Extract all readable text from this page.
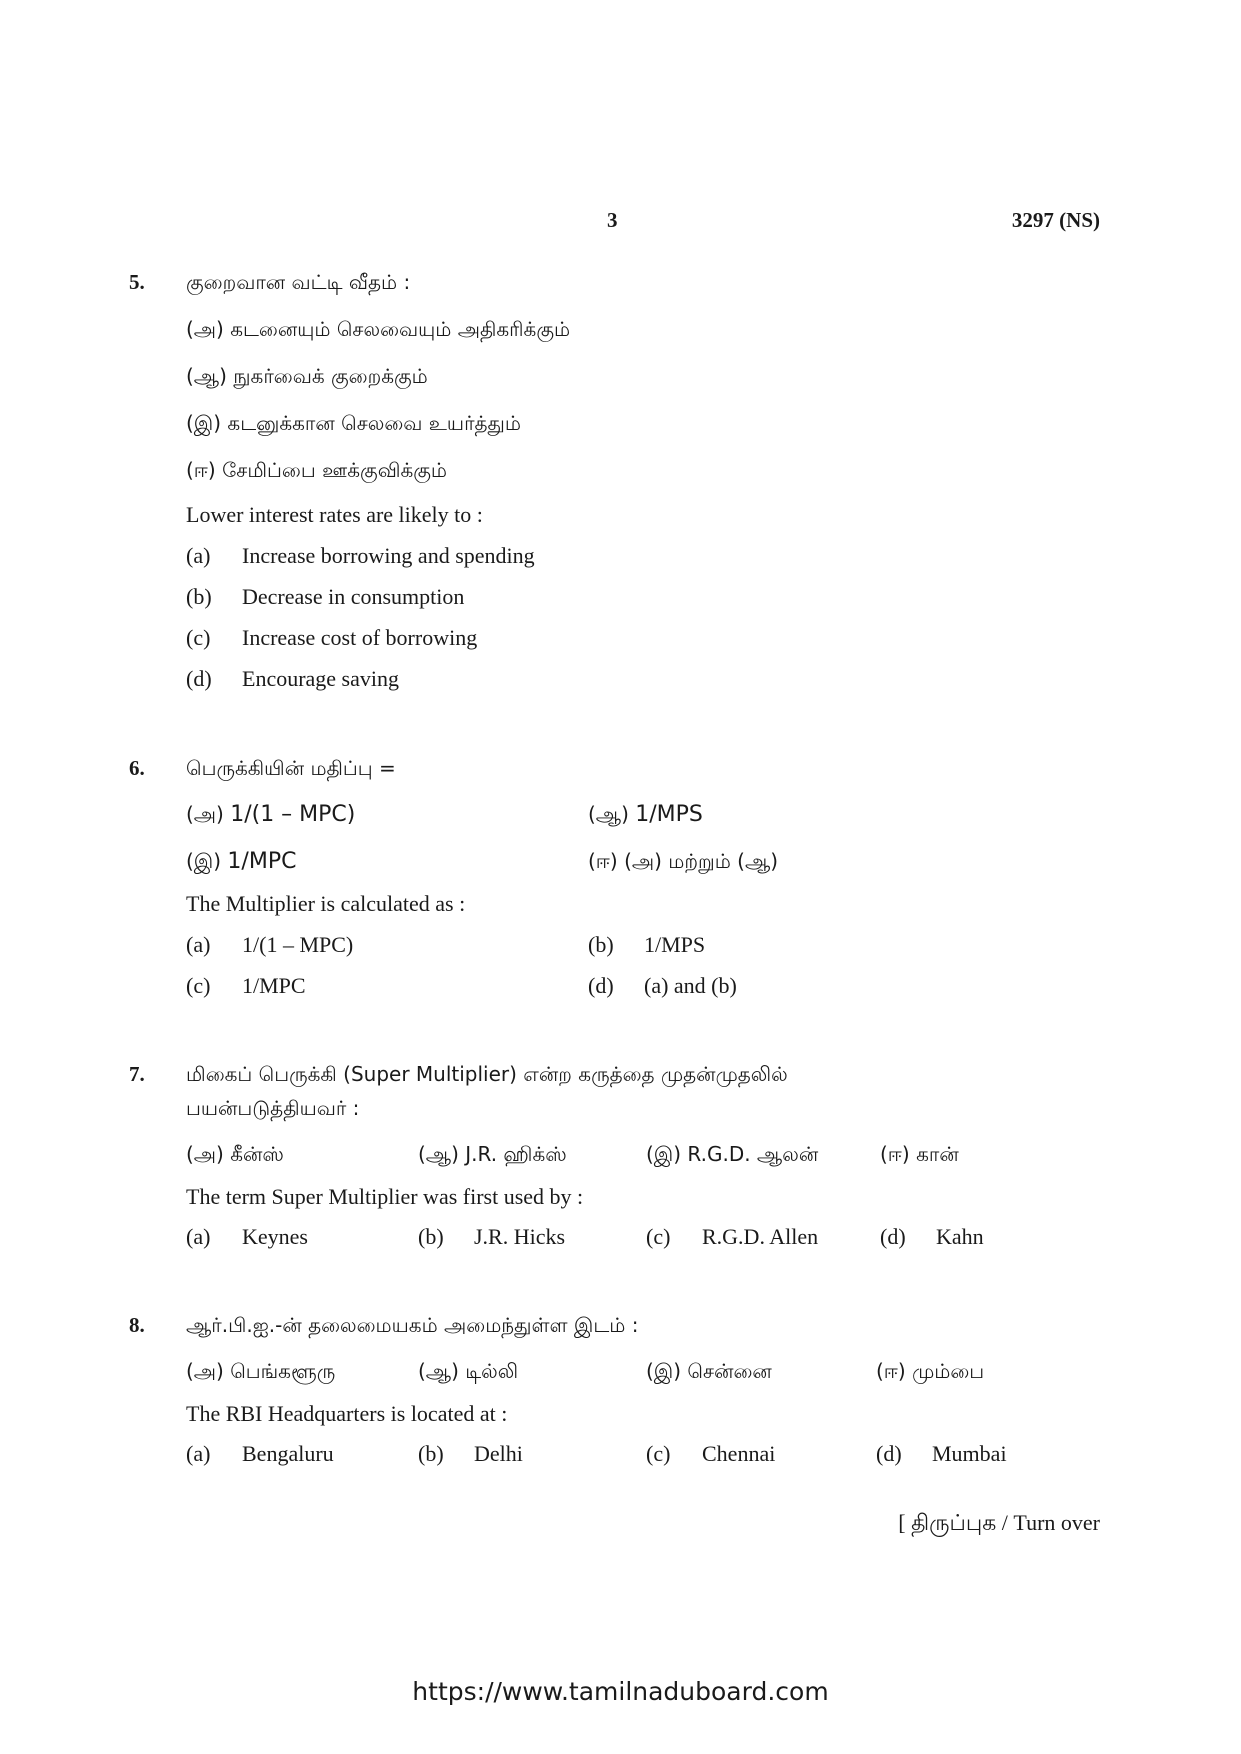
3	3297 (NS)
5. குறைவான வட்டி வீதம் :
(அ) கடனையும் செலவையும் அதிகரிக்கும்
(ஆ) நுகர்வைக் குறைக்கும்
(இ) கடனுக்கான செலவை உயர்த்தும்
(ஈ) சேமிப்பை ஊக்குவிக்கும்
Lower interest rates are likely to :
(a) Increase borrowing and spending
(b) Decrease in consumption
(c) Increase cost of borrowing
(d) Encourage saving
6. பெருக்கியின் மதிப்பு =
(அ) 1/(1 – MPC)	(ஆ) 1/MPS
(இ) 1/MPC	(ஈ) (அ) மற்றும் (ஆ)
The Multiplier is calculated as :
(a) 1/(1 – MPC)	(b) 1/MPS
(c) 1/MPC	(d) (a) and (b)
7. மிகைப் பெருக்கி (Super Multiplier) என்ற கருத்தை முதன்முதலில்
பயன்படுத்தியவர் :
(அ) கீன்ஸ்	(ஆ) J.R. ஹிக்ஸ்	(இ) R.G.D. ஆலன்	(ஈ) கான்
The term Super Multiplier was first used by :
(a) Keynes	(b) J.R. Hicks	(c) R.G.D. Allen	(d) Kahn
8. ஆர்.பி.ஐ.-ன் தலைமையகம் அமைந்துள்ள இடம் :
(அ) பெங்களூரு	(ஆ) டில்லி	(இ) சென்னை	(ஈ) மும்பை
The RBI Headquarters is located at :
(a) Bengaluru	(b) Delhi	(c) Chennai	(d) Mumbai
[ திருப்புக / Turn over
https://www.tamilnaduboard.com
